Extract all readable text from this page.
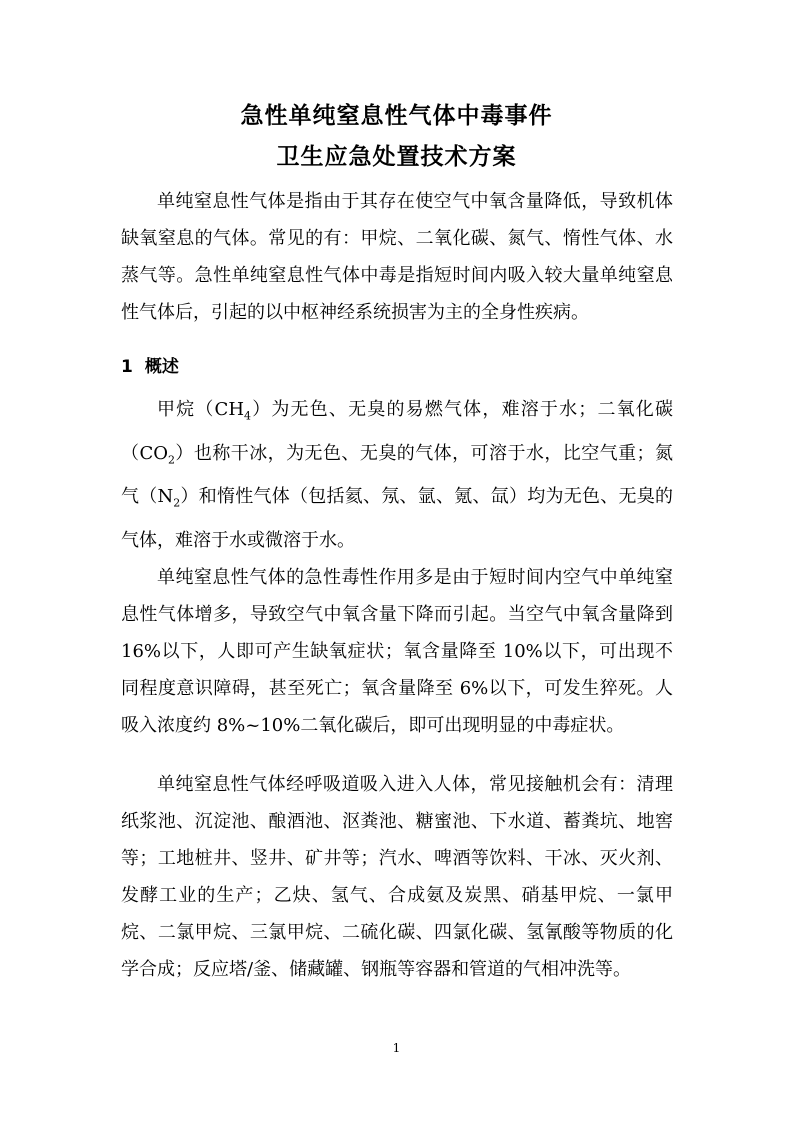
急性单纯窒息性气体中毒事件
卫生应急处置技术方案

单纯窒息性气体是指由于其存在使空气中氧含量降低，导致机体缺氧窒息的气体。常见的有：甲烷、二氧化碳、氮气、惰性气体、水蒸气等。急性单纯窒息性气体中毒是指短时间内吸入较大量单纯窒息性气体后，引起的以中枢神经系统损害为主的全身性疾病。

1 概述

甲烷$(CH_4)$为无色、无臭的易燃气体，难溶于水；二氧化碳$(CO_2)$也称干冰，为无色、无臭的气体，可溶于水，比空气重；氮气$(N_2)$和惰性气体（包括氦、氖、氩、氪、氙）均为无色、无臭的气体，难溶于水或微溶于水。

单纯窒息性气体的急性毒性作用多是由于短时间内空气中单纯窒息性气体增多，导致空气中氧含量下降而引起。当空气中氧含量降到 16%以下，人即可产生缺氧症状；氧含量降至 10%以下，可出现不同程度意识障碍，甚至死亡；氧含量降至 6%以下，可发生猝死。人吸入浓度约 8%~10%二氧化碳后，即可出现明显的中毒症状。

单纯窒息性气体经呼吸道吸入进入人体，常见接触机会有：清理纸浆池、沉淀池、酿酒池、沤粪池、糖蜜池、下水道、蓄粪坑、地窖等；工地桩井、竖井、矿井等；汽水、啤酒等饮料、干冰、灭火剂、发酵工业的生产；乙炔、氢气、合成氨及炭黑、硝基甲烷、一氯甲烷、二氯甲烷、三氯甲烷、二硫化碳、四氯化碳、氢氰酸等物质的化学合成；反应塔/釜、储藏罐、钢瓶等容器和管道的气相冲洗等。

1
